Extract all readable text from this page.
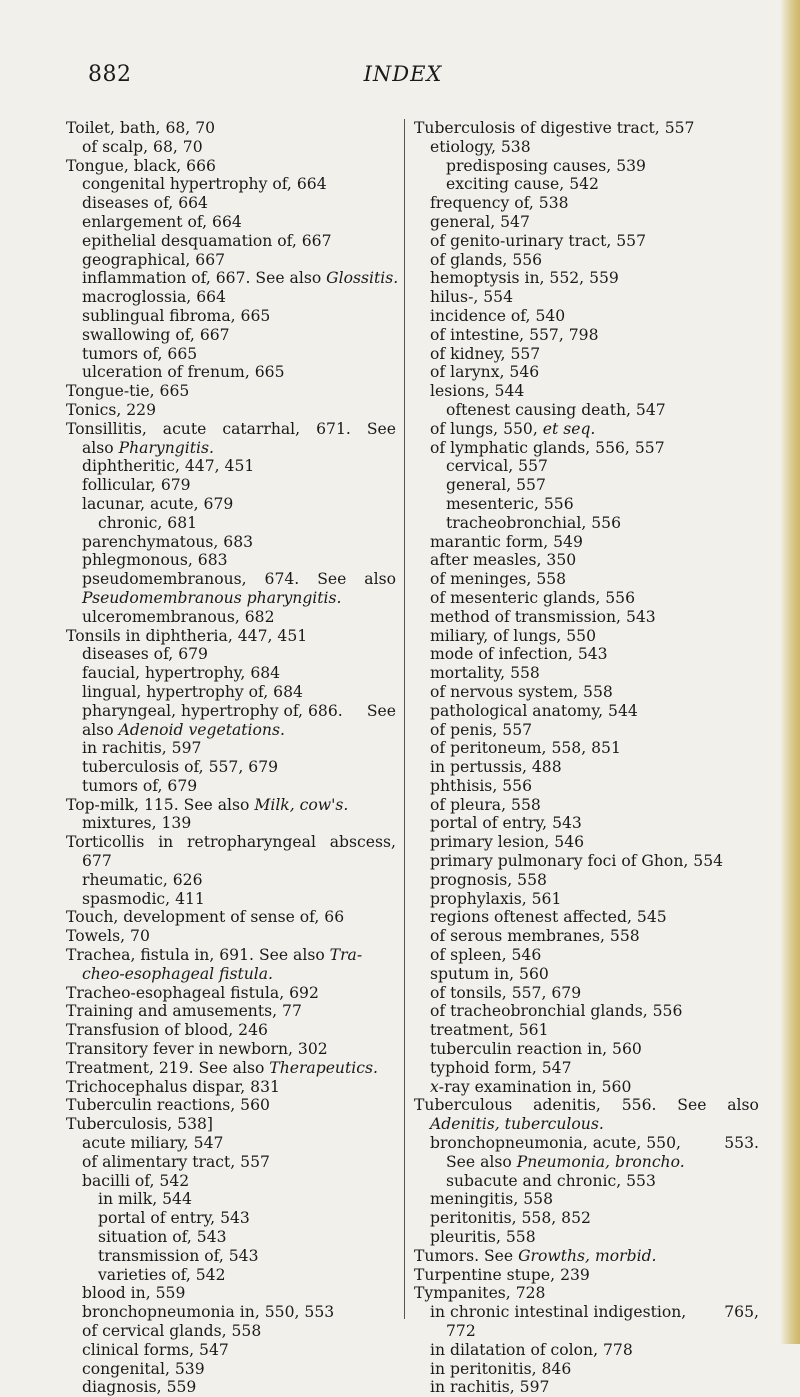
882	INDEX
Toilet, bath, 68, 70
of scalp, 68, 70
Tongue, black, 666
congenital hypertrophy of, 664
diseases of, 664
enlargement of, 664
epithelial desquamation of, 667
geographical, 667
inflammation of, 667. See also Glossitis.
macroglossia, 664
sublingual fibroma, 665
swallowing of, 667
tumors of, 665
ulceration of frenum, 665
Tongue-tie, 665
Tonics, 229
Tonsillitis, acute catarrhal, 671. See
also Pharyngitis.
diphtheritic, 447, 451
follicular, 679
lacunar, acute, 679
chronic, 681
parenchymatous, 683
phlegmonous, 683
pseudomembranous, 674. See also
Pseudomembranous pharyngitis.
ulceromembranous, 682
Tonsils in diphtheria, 447, 451
diseases of, 679
faucial, hypertrophy, 684
lingual, hypertrophy of, 684
pharyngeal, hypertrophy of, 686. See
also Adenoid vegetations.
in rachitis, 597
tuberculosis of, 557, 679
tumors of, 679
Top-milk, 115. See also Milk, cow's.
mixtures, 139
Torticollis in retropharyngeal abscess,
677
rheumatic, 626
spasmodic, 411
Touch, development of sense of, 66
Towels, 70
Trachea, fistula in, 691. See also Tra-
cheo-esophageal fistula.
Tracheo-esophageal fistula, 692
Training and amusements, 77
Transfusion of blood, 246
Transitory fever in newborn, 302
Treatment, 219. See also Therapeutics.
Trichocephalus dispar, 831
Tuberculin reactions, 560
Tuberculosis, 538]
acute miliary, 547
of alimentary tract, 557
bacilli of, 542
in milk, 544
portal of entry, 543
situation of, 543
transmission of, 543
varieties of, 542
blood in, 559
bronchopneumonia in, 550, 553
of cervical glands, 558
clinical forms, 547
congenital, 539
diagnosis, 559
Tuberculosis of digestive tract, 557
etiology, 538
predisposing causes, 539
exciting cause, 542
frequency of, 538
general, 547
of genito-urinary tract, 557
of glands, 556
hemoptysis in, 552, 559
hilus-, 554
incidence of, 540
of intestine, 557, 798
of kidney, 557
of larynx, 546
lesions, 544
oftenest causing death, 547
of lungs, 550, et seq.
of lymphatic glands, 556, 557
cervical, 557
general, 557
mesenteric, 556
tracheobronchial, 556
marantic form, 549
after measles, 350
of meninges, 558
of mesenteric glands, 556
method of transmission, 543
miliary, of lungs, 550
mode of infection, 543
mortality, 558
of nervous system, 558
pathological anatomy, 544
of penis, 557
of peritoneum, 558, 851
in pertussis, 488
phthisis, 556
of pleura, 558
portal of entry, 543
primary lesion, 546
primary pulmonary foci of Ghon, 554
prognosis, 558
prophylaxis, 561
regions oftenest affected, 545
of serous membranes, 558
of spleen, 546
sputum in, 560
of tonsils, 557, 679
of tracheobronchial glands, 556
treatment, 561
tuberculin reaction in, 560
typhoid form, 547
x-ray examination in, 560
Tuberculous adenitis, 556. See also
Adenitis, tuberculous.
bronchopneumonia, acute, 550,	553.
See also Pneumonia, broncho.
subacute and chronic, 553
meningitis, 558
peritonitis, 558, 852
pleuritis, 558
Tumors. See Growths, morbid.
Turpentine stupe, 239
Tympanites, 728
in chronic intestinal indigestion, 765,
772
in dilatation of colon, 778
in peritonitis, 846
in rachitis, 597
